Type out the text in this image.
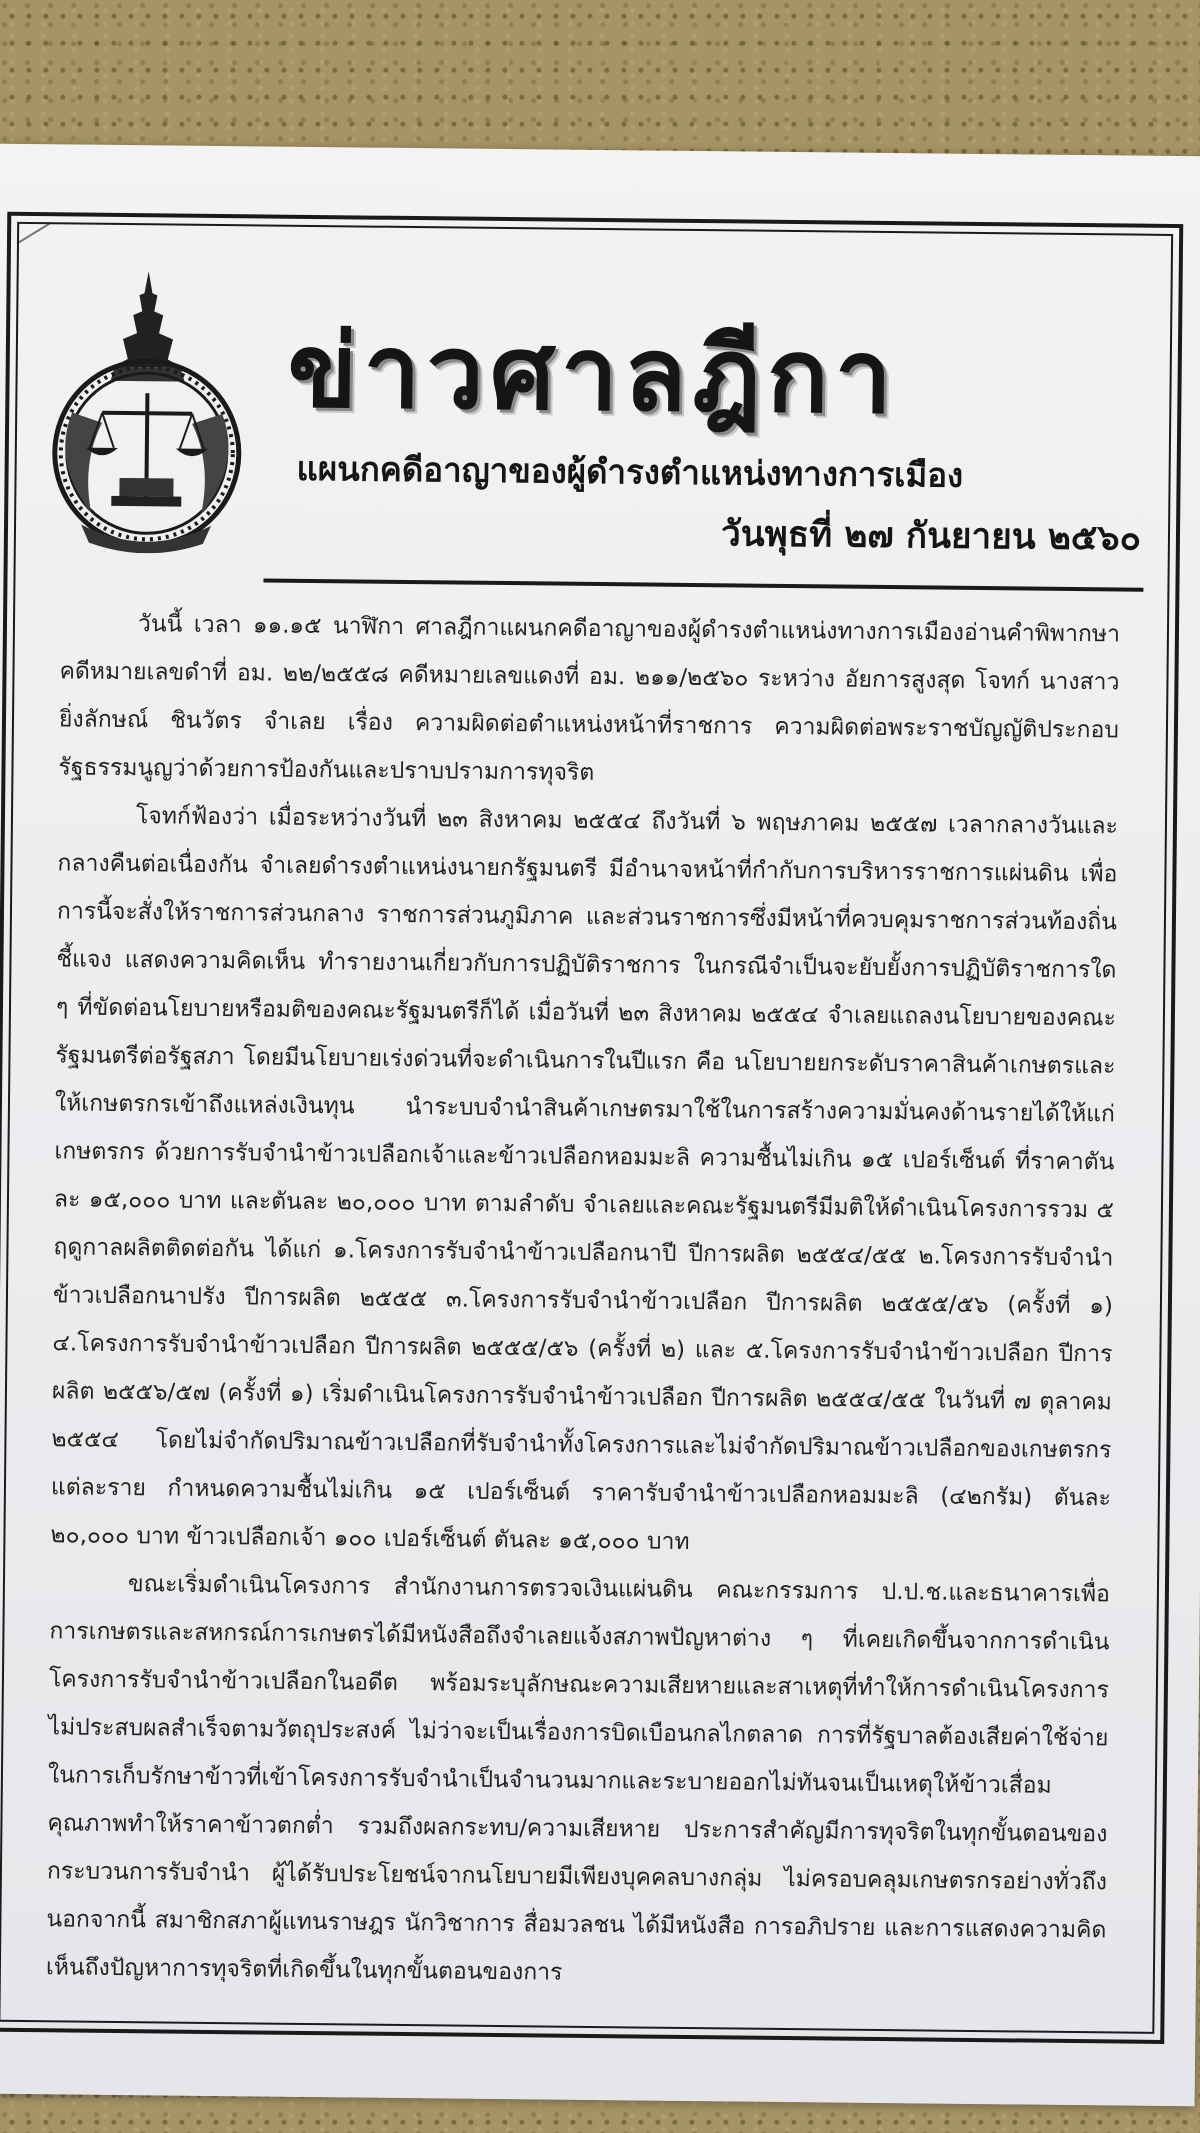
ข่าวศาลฎีกา
แผนกคดีอาญาของผู้ดำรงตำแหน่งทางการเมือง
วันพุธที่ ๒๗ กันยายน ๒๕๖๐

วันนี้ เวลา ๑๑.๑๕ นาฬิกา ศาลฎีกาแผนกคดีอาญาของผู้ดำรงตำแหน่งทางการเมืองอ่านคำพิพากษา คดีหมายเลขดำที่ อม. ๒๒/๒๕๕๘ คดีหมายเลขแดงที่ อม. ๒๑๑/๒๕๖๐ ระหว่าง อัยการสูงสุด โจทก์ นางสาวยิ่งลักษณ์ ชินวัตร จำเลย เรื่อง ความผิดต่อตำแหน่งหน้าที่ราชการ ความผิดต่อพระราชบัญญัติประกอบรัฐธรรมนูญว่าด้วยการป้องกันและปราบปรามการทุจริต

โจทก์ฟ้องว่า เมื่อระหว่างวันที่ ๒๓ สิงหาคม ๒๕๕๔ ถึงวันที่ ๖ พฤษภาคม ๒๕๕๗ เวลากลางวันและกลางคืนต่อเนื่องกัน จำเลยดำรงตำแหน่งนายกรัฐมนตรี มีอำนาจหน้าที่กำกับการบริหารราชการแผ่นดิน เพื่อการนี้จะสั่งให้ราชการส่วนกลาง ราชการส่วนภูมิภาค และส่วนราชการซึ่งมีหน้าที่ควบคุมราชการส่วนท้องถิ่น ชี้แจง แสดงความคิดเห็น ทำรายงานเกี่ยวกับการปฏิบัติราชการ ในกรณีจำเป็นจะยับยั้งการปฏิบัติราชการใด ๆ ที่ขัดต่อนโยบายหรือมติของคณะรัฐมนตรีก็ได้ เมื่อวันที่ ๒๓ สิงหาคม ๒๕๕๔ จำเลยแถลงนโยบายของคณะรัฐมนตรีต่อรัฐสภา โดยมีนโยบายเร่งด่วนที่จะดำเนินการในปีแรก คือ นโยบายยกระดับราคาสินค้าเกษตรและให้เกษตรกรเข้าถึงแหล่งเงินทุน นำระบบจำนำสินค้าเกษตรมาใช้ในการสร้างความมั่นคงด้านรายได้ให้แก่เกษตรกร ด้วยการรับจำนำข้าวเปลือกเจ้าและข้าวเปลือกหอมมะลิ ความชื้นไม่เกิน ๑๕ เปอร์เซ็นต์ ที่ราคาตันละ ๑๕,๐๐๐ บาท และตันละ ๒๐,๐๐๐ บาท ตามลำดับ จำเลยและคณะรัฐมนตรีมีมติให้ดำเนินโครงการรวม ๕ ฤดูกาลผลิตติดต่อกัน ได้แก่ ๑.โครงการรับจำนำข้าวเปลือกนาปี ปีการผลิต ๒๕๕๔/๕๕ ๒.โครงการรับจำนำข้าวเปลือกนาปรัง ปีการผลิต ๒๕๕๕ ๓.โครงการรับจำนำข้าวเปลือก ปีการผลิต ๒๕๕๕/๕๖ (ครั้งที่ ๑) ๔.โครงการรับจำนำข้าวเปลือก ปีการผลิต ๒๕๕๕/๕๖ (ครั้งที่ ๒) และ ๕.โครงการรับจำนำข้าวเปลือก ปีการผลิต ๒๕๕๖/๕๗ (ครั้งที่ ๑) เริ่มดำเนินโครงการรับจำนำข้าวเปลือก ปีการผลิต ๒๕๕๔/๕๕ ในวันที่ ๗ ตุลาคม ๒๕๕๔ โดยไม่จำกัดปริมาณข้าวเปลือกที่รับจำนำทั้งโครงการและไม่จำกัดปริมาณข้าวเปลือกของเกษตรกรแต่ละราย กำหนดความชื้นไม่เกิน ๑๕ เปอร์เซ็นต์ ราคารับจำนำข้าวเปลือกหอมมะลิ (๔๒กรัม) ตันละ ๒๐,๐๐๐ บาท ข้าวเปลือกเจ้า ๑๐๐ เปอร์เซ็นต์ ตันละ ๑๕,๐๐๐ บาท

ขณะเริ่มดำเนินโครงการ สำนักงานการตรวจเงินแผ่นดิน คณะกรรมการ ป.ป.ช.และธนาคารเพื่อการเกษตรและสหกรณ์การเกษตรได้มีหนังสือถึงจำเลยแจ้งสภาพปัญหาต่าง ๆ ที่เคยเกิดขึ้นจากการดำเนินโครงการรับจำนำข้าวเปลือกในอดีต พร้อมระบุลักษณะความเสียหายและสาเหตุที่ทำให้การดำเนินโครงการไม่ประสบผลสำเร็จตามวัตถุประสงค์ ไม่ว่าจะเป็นเรื่องการบิดเบือนกลไกตลาด การที่รัฐบาลต้องเสียค่าใช้จ่ายในการเก็บรักษาข้าวที่เข้าโครงการรับจำนำเป็นจำนวนมากและระบายออกไม่ทันจนเป็นเหตุให้ข้าวเสื่อมคุณภาพทำให้ราคาข้าวตกต่ำ รวมถึงผลกระทบ/ความเสียหาย ประการสำคัญมีการทุจริตในทุกขั้นตอนของกระบวนการรับจำนำ ผู้ได้รับประโยชน์จากนโยบายมีเพียงบุคคลบางกลุ่ม ไม่ครอบคลุมเกษตรกรอย่างทั่วถึง นอกจากนี้ สมาชิกสภาผู้แทนราษฎร นักวิชาการ สื่อมวลชน ได้มีหนังสือ การอภิปราย และการแสดงความคิดเห็นถึงปัญหาการทุจริตที่เกิดขึ้นในทุกขั้นตอนของการ
